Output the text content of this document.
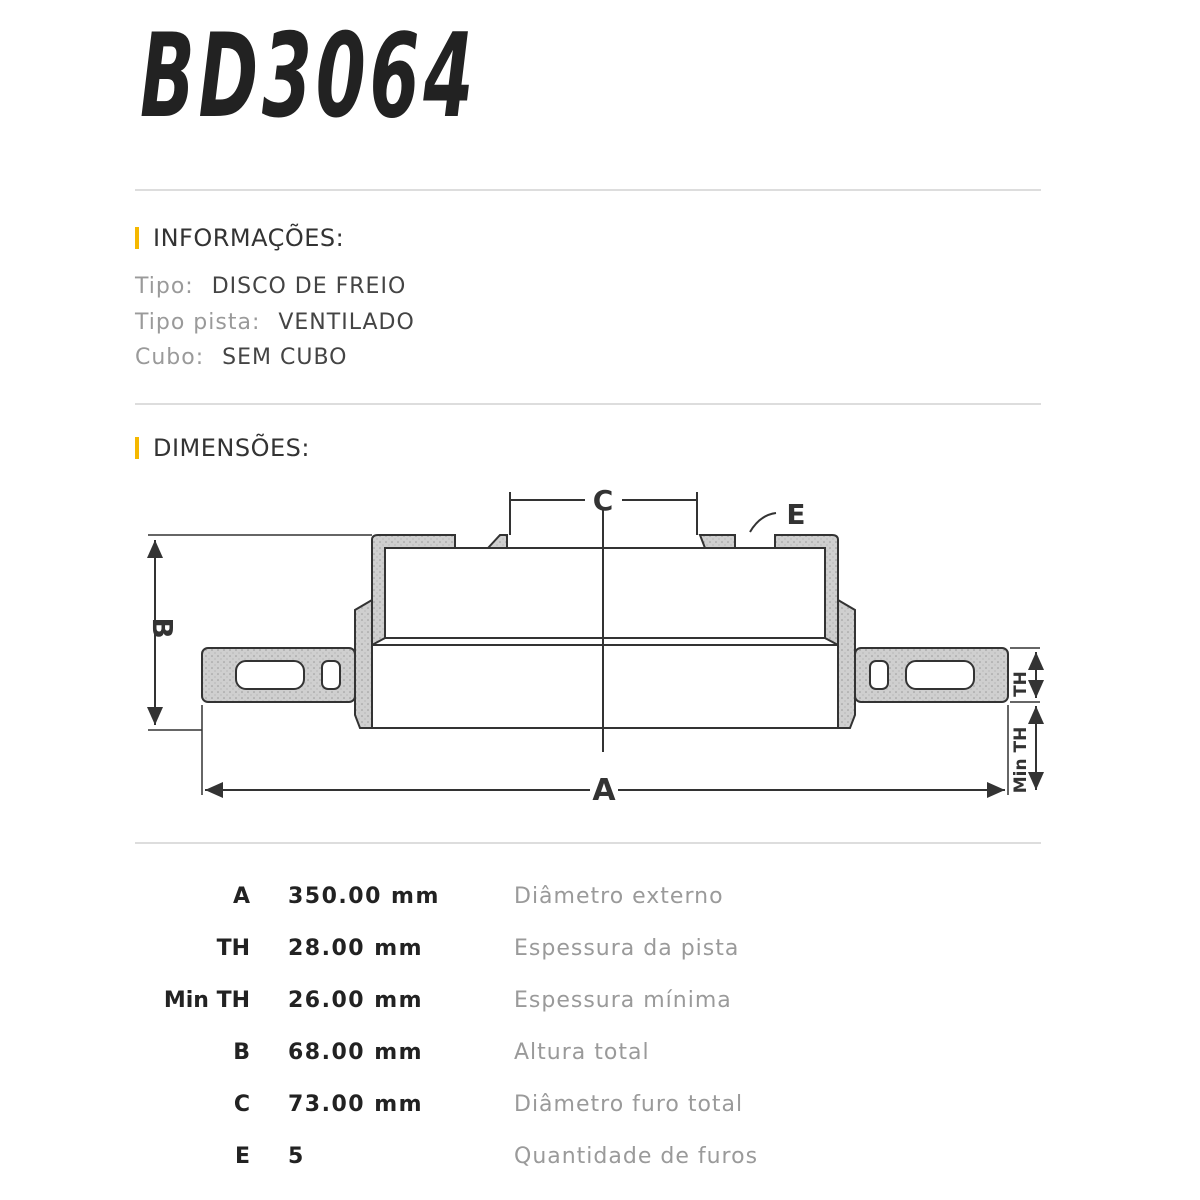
BD3064
INFORMAÇÕES:
Tipo: DISCO DE FREIO
Tipo pista: VENTILADO
Cubo: SEM CUBO
DIMENSÕES:
C	E
B
A
TH
Min TH
A 350.00 mm	Diâmetro externo
TH 28.00 mm	Espessura da pista
Min TH 26.00 mm	Espessura mínima
B 68.00 mm	Altura total
C 73.00 mm	Diâmetro furo total
E 5	Quantidade de furos
